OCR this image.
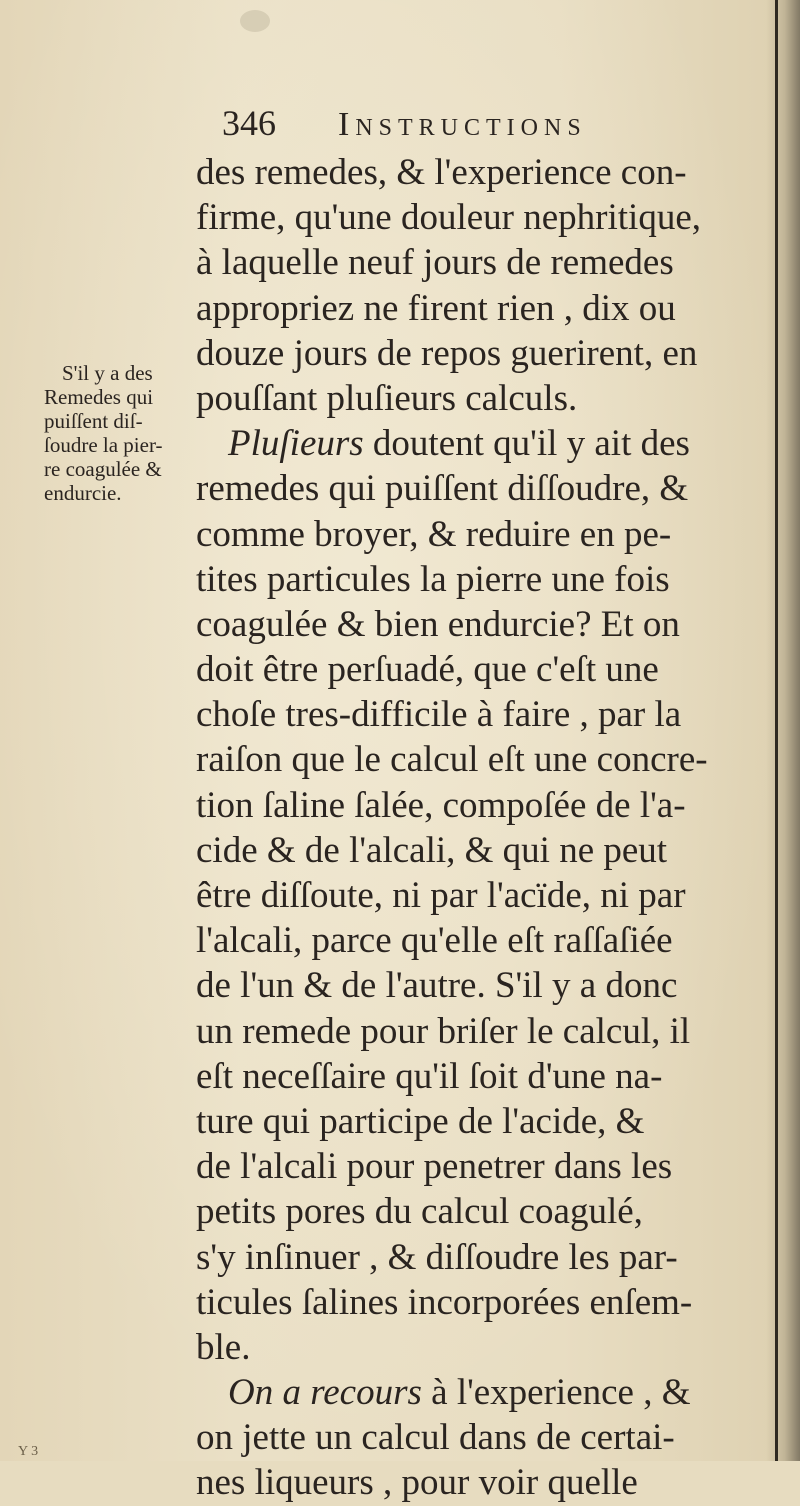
346 Instructions
S'il y a des
Remedes qui
puiſſent diſ-
ſoudre la pier-
re coagulée &
endurcie.
des remedes, & l'experience con-
firme, qu'une douleur nephritique,
à laquelle neuf jours de remedes
appropriez ne firent rien , dix ou
douze jours de repos guerirent, en
pouſſant pluſieurs calculs.
Pluſieurs doutent qu'il y ait des
remedes qui puiſſent diſſoudre, &
comme broyer, & reduire en pe-
tites particules la pierre une fois
coagulée & bien endurcie? Et on
doit être perſuadé, que c'eſt une
choſe tres-difficile à faire , par la
raiſon que le calcul eſt une concre-
tion ſaline ſalée, compoſée de l'a-
cide & de l'alcali, & qui ne peut
être diſſoute, ni par l'acïde, ni par
l'alcali, parce qu'elle eſt raſſaſiée
de l'un & de l'autre. S'il y a donc
un remede pour briſer le calcul, il
eſt neceſſaire qu'il ſoit d'une na-
ture qui participe de l'acide, &
de l'alcali pour penetrer dans les
petits pores du calcul coagulé,
s'y inſinuer , & diſſoudre les par-
ticules ſalines incorporées enſem-
ble.
On a recours à l'experience , &
on jette un calcul dans de certai-
nes liqueurs , pour voir quelle
Y 3
